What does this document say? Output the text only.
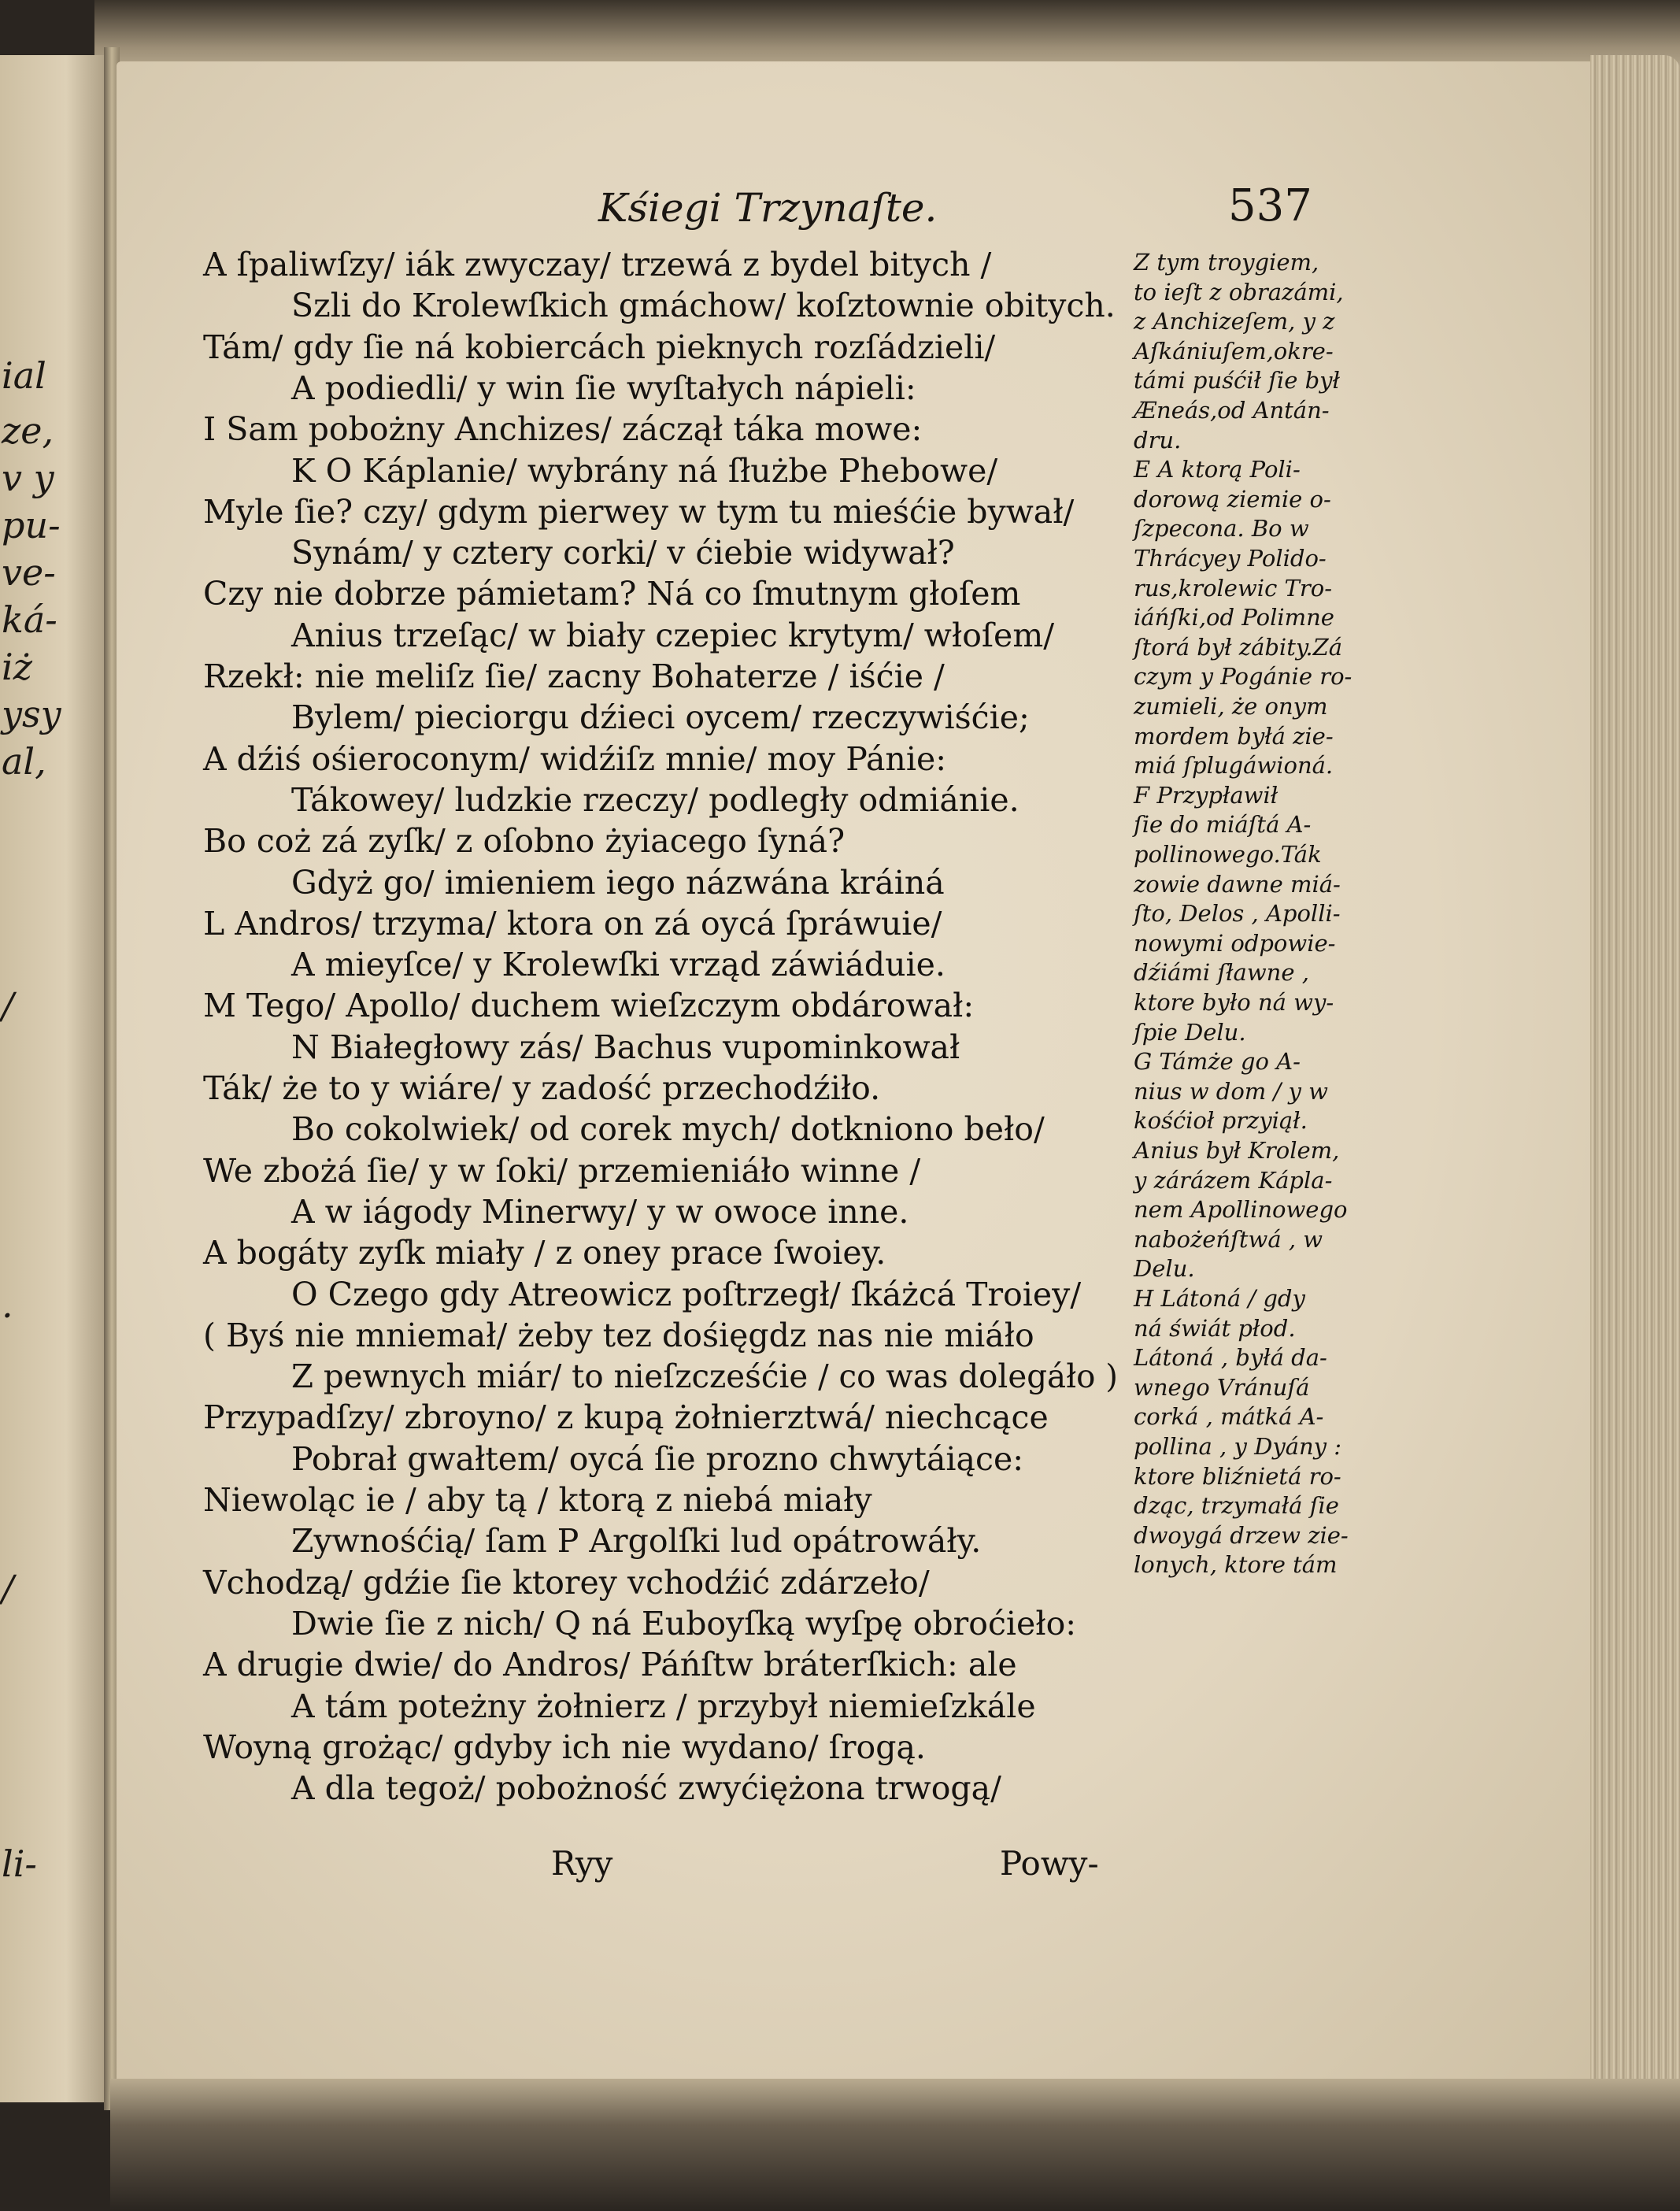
ial
ze,
v y
pu-
ve-
ká-
iż
ysy
al,
/
.
/
li-
Kśiegi Trzynaſte.	537
A ſpaliwſzy/ iák zwyczay/ trzewá z bydel bitych /
Szli do Krolewſkich gmáchow/ koſztownie obitych.
Tám/ gdy ſie ná kobiercách pieknych rozſádzieli/
A podiedli/ y win ſie wyſtałych nápieli:
I Sam pobożny Anchizes/ záczął táka mowe:
K O Káplanie/ wybrány ná ſłużbe Phebowe/
Myle ſie? czy/ gdym pierwey w tym tu mieśćie bywał/
Synám/ y cztery corki/ v ćiebie widywał?
Czy nie dobrze pámietam? Ná co ſmutnym głoſem
Anius trzeſąc/ w biały czepiec krytym/ włoſem/
Rzekł: nie meliſz ſie/ zacny Bohaterze / iśćie /
Bylem/ pieciorgu dźieci oycem/ rzeczywiśćie;
A dźiś ośieroconym/ widźiſz mnie/ moy Pánie:
Tákowey/ ludzkie rzeczy/ podległy odmiánie.
Bo coż zá zyſk/ z oſobno żyiacego ſyná?
Gdyż go/ imieniem iego názwána kráiná
L Andros/ trzyma/ ktora on zá oycá ſpráwuie/
A mieyſce/ y Krolewſki vrząd záwiáduie.
M Tego/ Apollo/ duchem wieſzczym obdárował:
N Białegłowy zás/ Bachus vupominkował
Ták/ że to y wiáre/ y zadość przechodźiło.
Bo cokolwiek/ od corek mych/ dotkniono beło/
We zbożá ſie/ y w ſoki/ przemieniáło winne /
A w iágody Minerwy/ y w owoce inne.
A bogáty zyſk miały / z oney prace ſwoiey.
O Czego gdy Atreowicz poſtrzegł/ ſkáżcá Troiey/
( Byś nie mniemał/ żeby tez dośięgdz nas nie miáło
Z pewnych miár/ to nieſzcześćie / co was dolegáło )
Przypadſzy/ zbroyno/ z kupą żołnierztwá/ niechcące
Pobrał gwałtem/ oycá ſie prozno chwytáiące:
Niewoląc ie / aby tą / ktorą z niebá miały
Zywnośćią/ ſam P Argolſki lud opátrowáły.
Vchodzą/ gdźie ſie ktorey vchodźić zdárzeło/
Dwie ſie z nich/ Q ná Euboyſką wyſpę obroćieło:
A drugie dwie/ do Andros/ Páńſtw bráterſkich: ale
A tám poteżny żołnierz / przybył niemieſzkále
Woyną grożąc/ gdyby ich nie wydano/ ſrogą.
A dla tegoż/ pobożność zwyćiężona trwogą/
Z tym troygiem,
to ieſt z obrazámi,
z Anchizeſem, y z
Aſkániuſem,okre-
támi puśćił ſie był
Æneás,od Antán-
dru.
E A ktorą Poli-
dorową ziemie o-
ſzpecona. Bo w
Thrácyey Polido-
rus,krolewic Tro-
iáńſki,od Polimne
ſtorá był zábity.Zá
czym y Pogánie ro-
zumieli, że onym
mordem byłá zie-
miá ſplugáwioná.
F Przypławił
ſie do miáſtá A-
pollinowego.Ták
zowie dawne miá-
ſto, Delos , Apolli-
nowymi odpowie-
dźiámi ſławne ,
ktore było ná wy-
ſpie Delu.
G Támże go A-
nius w dom / y w
kośćioł przyiął.
Anius był Krolem,
y zárázem Kápla-
nem Apollinowego
nabożeńſtwá , w
Delu.
H Látoná / gdy
ná świát płod.
Látoná , byłá da-
wnego Vránuſá
corká , mátká A-
pollina , y Dyány :
ktore bliźnietá ro-
dząc, trzymałá ſie
dwoygá drzew zie-
lonych, ktore tám
Ryy	Powy-
